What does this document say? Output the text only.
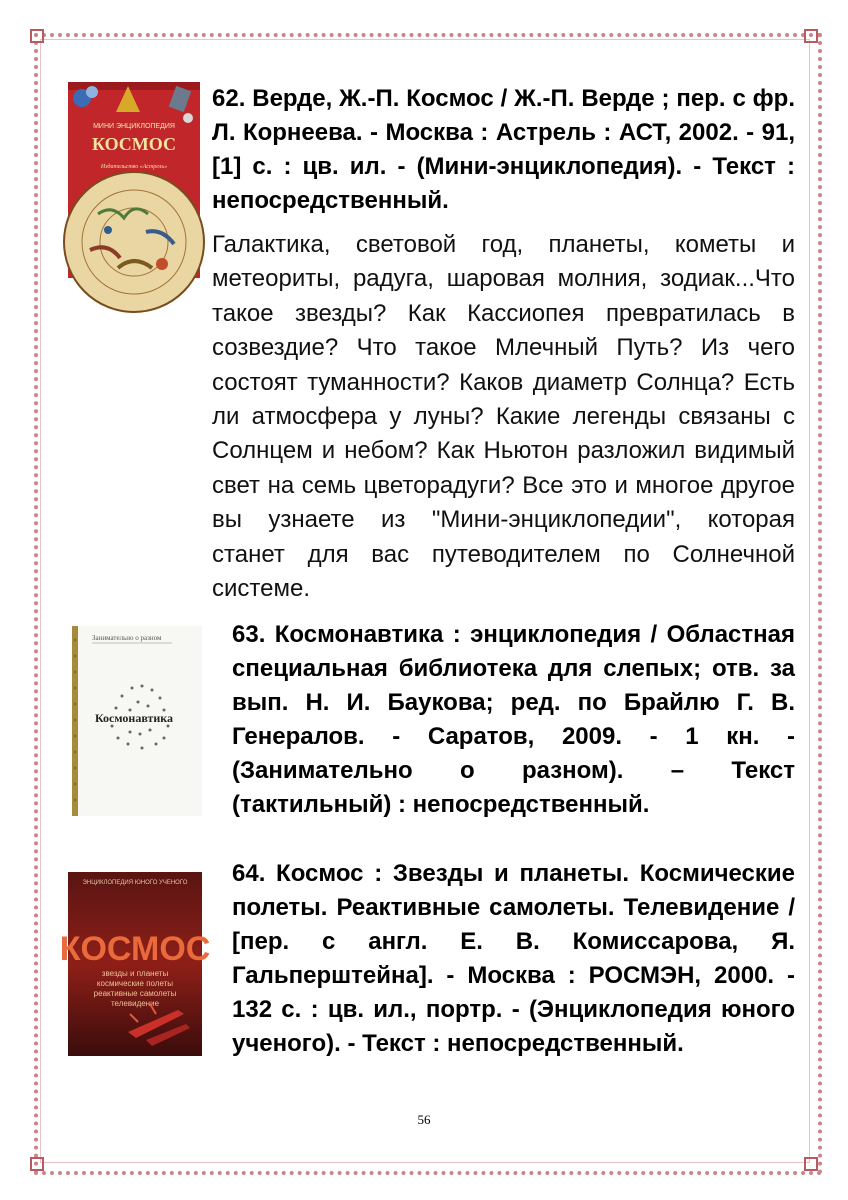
МИНИ ЭНЦИКЛОПЕДИЯ
КОСМОС
Издательство «Астрель»
62. Верде, Ж.-П. Космос / Ж.-П. Верде ; пер. с фр. Л. Корнеева. - Москва : Астрель : АСТ, 2002. - 91,[1] с. : цв. ил. - (Мини-энциклопедия). - Текст : непосредственный.
Галактика, световой год, планеты, кометы и метеориты, радуга, шаровая молния, зодиак...Что такое звезды? Как Кассиопея превратилась в созвездие? Что такое Млечный Путь? Из чего состоят туманности? Каков диаметр Солнца? Есть ли атмосфера у луны? Какие легенды связаны с Солнцем и небом? Как Ньютон разложил видимый свет на семь цветорадуги? Все это и многое другое вы узнаете из "Мини-энциклопедии", которая станет для вас путеводителем по Солнечной системе.
Занимательно о разном
Космонавтика
63. Космонавтика : энциклопедия / Областная специальная библиотека для слепых; отв. за вып. Н. И. Баукова; ред. по Брайлю Г. В. Генералов. - Саратов, 2009. - 1 кн. - (Занимательно о разном). – Текст (тактильный) : непосредственный.
ЭНЦИКЛОПЕДИЯ ЮНОГО УЧЕНОГО
КОСМОС
звезды и планеты
космические полеты
реактивные самолеты
телевидение
64. Космос : Звезды и планеты. Космические полеты. Реактивные самолеты. Телевидение / [пер. с англ. Е. В. Комиссарова, Я. Гальперштейна]. - Москва : РОСМЭН, 2000. - 132 с. : цв. ил., портр. - (Энциклопедия юного ученого). - Текст : непосредственный.
56
